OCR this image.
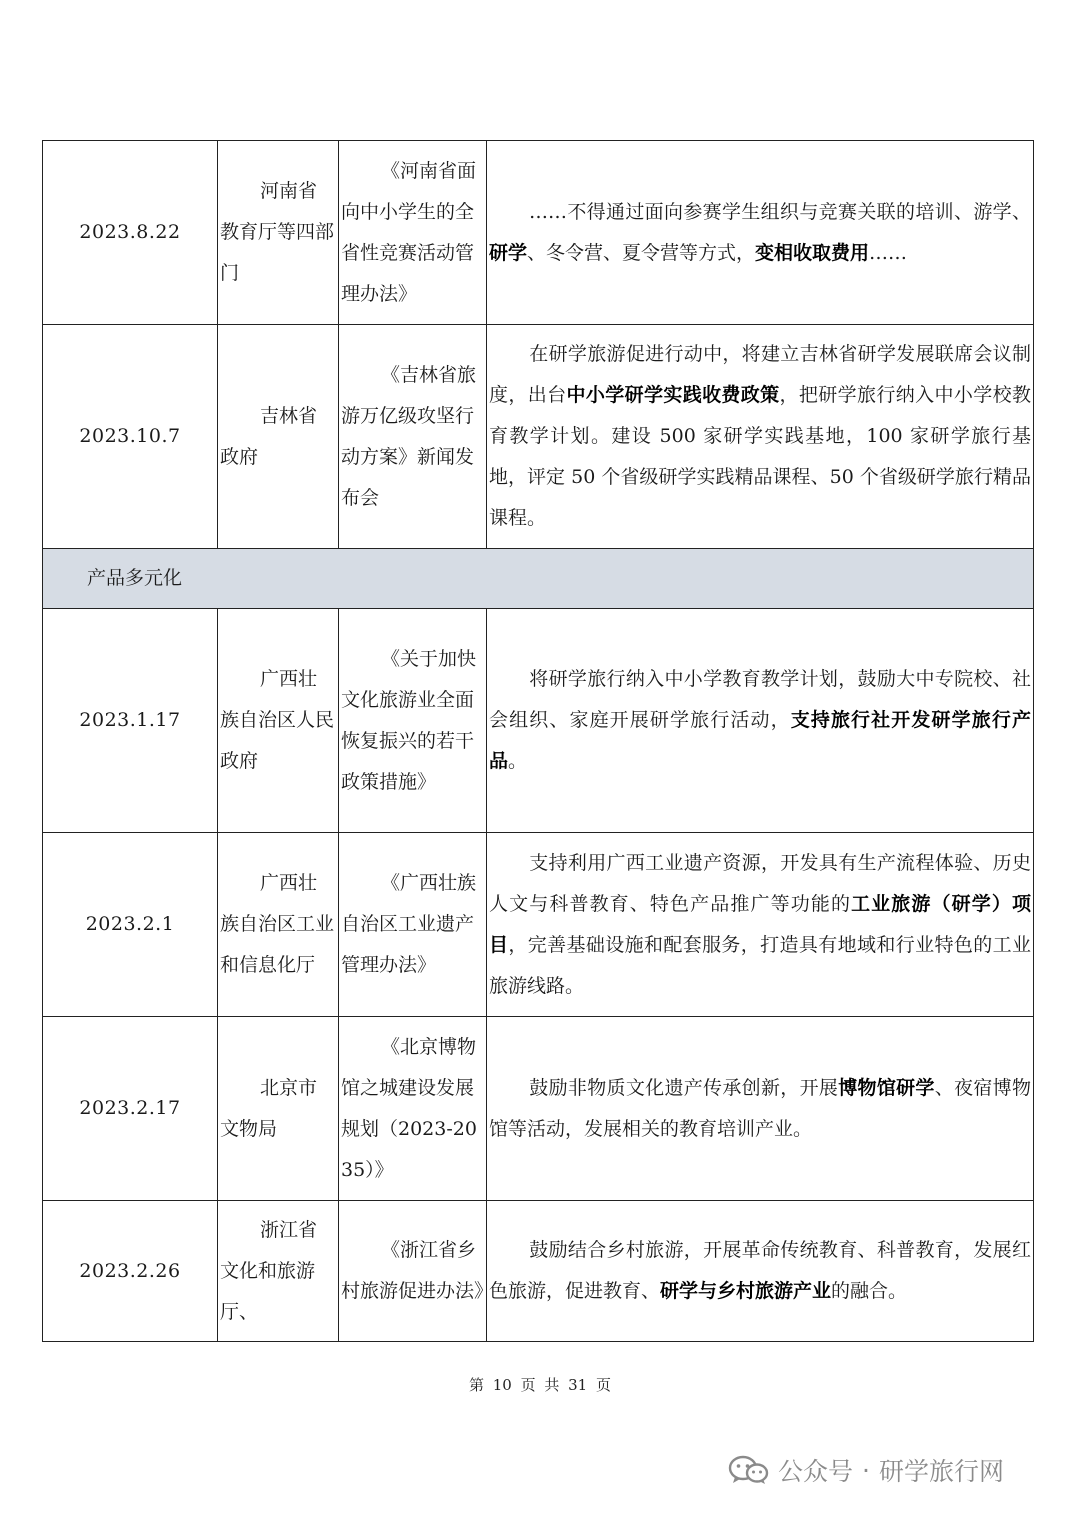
2023.8.22	河南省教育厅等四部门	《河南省面向中小学生的全省性竞赛活动管理办法》	……不得通过面向参赛学生组织与竞赛关联的培训、游学、研学、冬令营、夏令营等方式，变相收取费用……
2023.10.7	吉林省政府	《吉林省旅游万亿级攻坚行动方案》新闻发布会	在研学旅游促进行动中，将建立吉林省研学发展联席会议制度，出台中小学研学实践收费政策，把研学旅行纳入中小学校教育教学计划。建设 500 家研学实践基地，100 家研学旅行基地，评定 50 个省级研学实践精品课程、50 个省级研学旅行精品课程。
产品多元化			
2023.1.17	广西壮族自治区人民政府	《关于加快文化旅游业全面恢复振兴的若干政策措施》	将研学旅行纳入中小学教育教学计划，鼓励大中专院校、社会组织、家庭开展研学旅行活动，支持旅行社开发研学旅行产品。
2023.2.1	广西壮族自治区工业和信息化厅	《广西壮族自治区工业遗产管理办法》	支持利用广西工业遗产资源，开发具有生产流程体验、历史人文与科普教育、特色产品推广等功能的工业旅游（研学）项目，完善基础设施和配套服务，打造具有地域和行业特色的工业旅游线路。
2023.2.17	北京市文物局	《北京博物馆之城建设发展规划（2023-2035）》	鼓励非物质文化遗产传承创新，开展博物馆研学、夜宿博物馆等活动，发展相关的教育培训产业。
2023.2.26	浙江省文化和旅游厅、	《浙江省乡村旅游促进办法》	鼓励结合乡村旅游，开展革命传统教育、科普教育，发展红色旅游，促进教育、研学与乡村旅游产业的融合。
第 10 页 共 31 页
公众号 · 研学旅行网
